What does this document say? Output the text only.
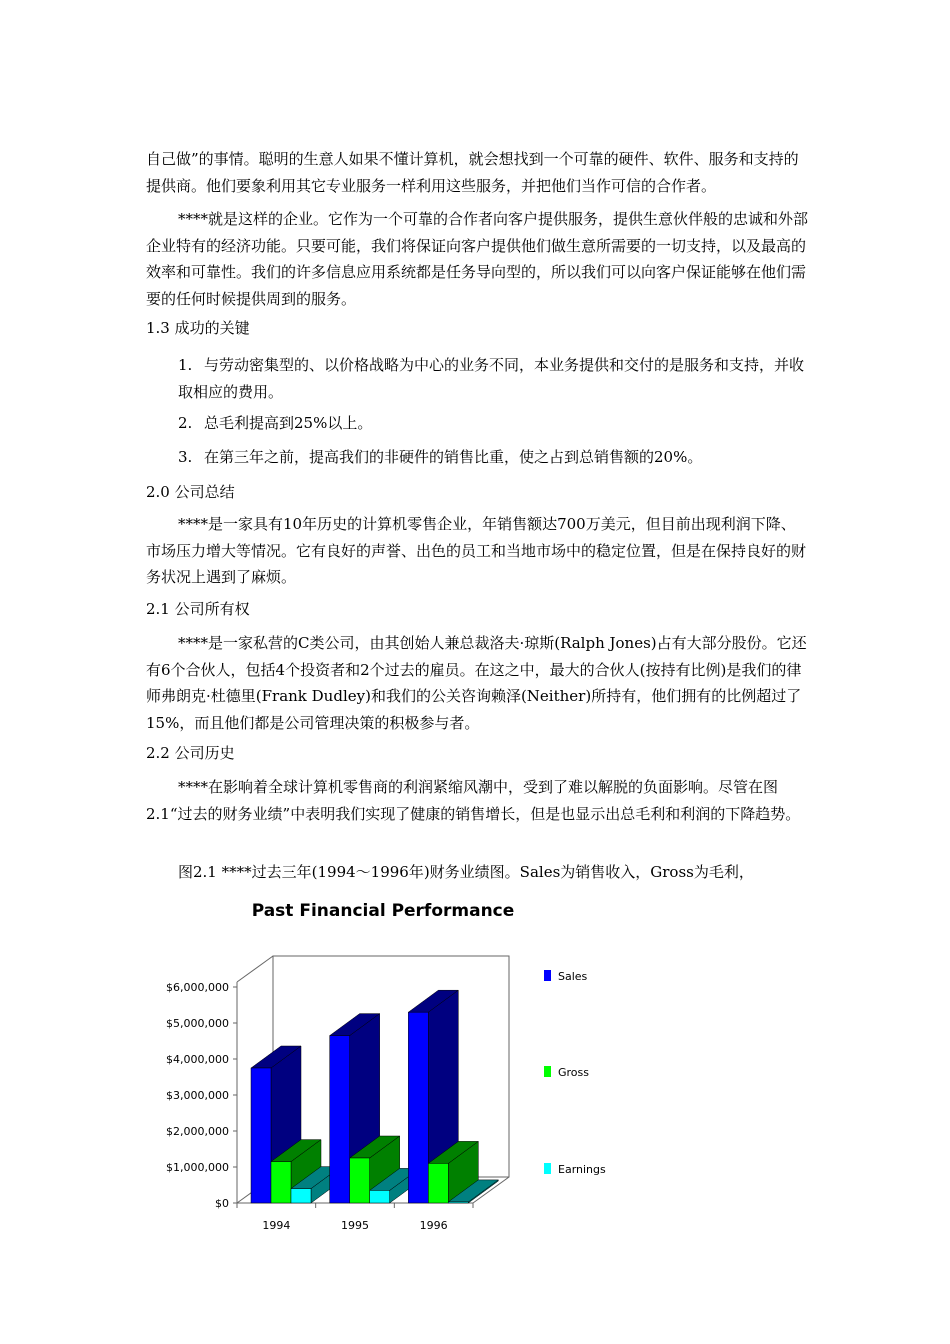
自己做”的事情。聪明的生意人如果不懂计算机，就会想找到一个可靠的硬件、软件、服务和支持的提供商。他们要象利用其它专业服务一样利用这些服务，并把他们当作可信的合作者。

****就是这样的企业。它作为一个可靠的合作者向客户提供服务，提供生意伙伴般的忠诚和外部企业特有的经济功能。只要可能，我们将保证向客户提供他们做生意所需要的一切支持，以及最高的效率和可靠性。我们的许多信息应用系统都是任务导向型的，所以我们可以向客户保证能够在他们需要的任何时候提供周到的服务。

1.3 成功的关键

1. 与劳动密集型的、以价格战略为中心的业务不同，本业务提供和交付的是服务和支持，并收取相应的费用。

2. 总毛利提高到25%以上。

3. 在第三年之前，提高我们的非硬件的销售比重，使之占到总销售额的20%。

2.0 公司总结

****是一家具有10年历史的计算机零售企业，年销售额达700万美元，但目前出现利润下降、市场压力增大等情况。它有良好的声誉、出色的员工和当地市场中的稳定位置，但是在保持良好的财务状况上遇到了麻烦。

2.1 公司所有权

****是一家私营的C类公司，由其创始人兼总裁洛夫·琼斯(Ralph Jones)占有大部分股份。它还有6个合伙人，包括4个投资者和2个过去的雇员。在这之中，最大的合伙人(按持有比例)是我们的律师弗朗克·杜德里(Frank Dudley)和我们的公关咨询赖泽(Neither)所持有，他们拥有的比例超过了15%，而且他们都是公司管理决策的积极参与者。

2.2 公司历史

****在影响着全球计算机零售商的利润紧缩风潮中，受到了难以解脱的负面影响。尽管在图2.1“过去的财务业绩”中表明我们实现了健康的销售增长，但是也显示出总毛利和利润的下降趋势。

图2.1 ****过去三年(1994～1996年)财务业绩图。Sales为销售收入，Gross为毛利，

Past Financial Performance
$0
$1,000,000
$2,000,000
$3,000,000
$4,000,000
$5,000,000
$6,000,000
1994	1995	1996
Sales
Gross
Earnings
